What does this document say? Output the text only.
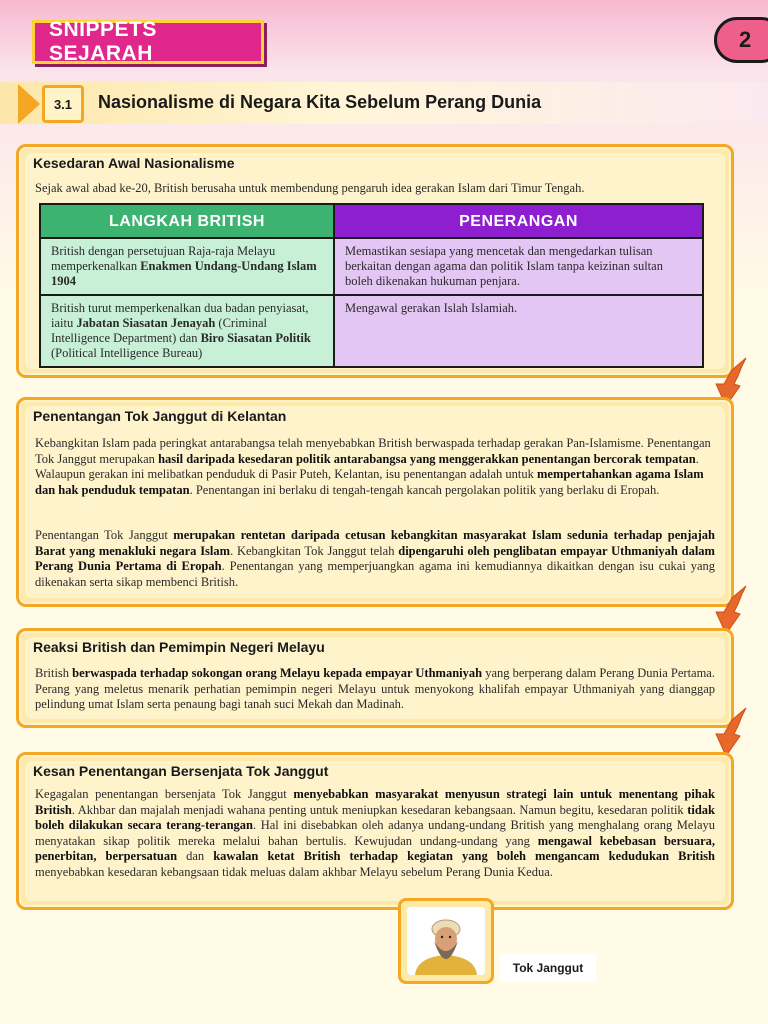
SNIPPETS SEJARAH
2
3.1	Nasionalisme di Negara Kita Sebelum Perang Dunia
Kesedaran Awal Nasionalisme
Sejak awal abad ke-20, British berusaha untuk membendung pengaruh idea gerakan Islam dari Timur Tengah.
LANGKAH BRITISH	PENERANGAN
British dengan persetujuan Raja-raja Melayu memperkenalkan Enakmen Undang-Undang Islam 1904	Memastikan sesiapa yang mencetak dan mengedarkan tulisan berkaitan dengan agama dan politik Islam tanpa keizinan sultan boleh dikenakan hukuman penjara.
British turut memperkenalkan dua badan penyiasat, iaitu Jabatan Siasatan Jenayah (Criminal Intelligence Department) dan Biro Siasatan Politik (Political Intelligence Bureau)	Mengawal gerakan Islah Islamiah.
Penentangan Tok Janggut di Kelantan
Kebangkitan Islam pada peringkat antarabangsa telah menyebabkan British berwaspada terhadap gerakan Pan-Islamisme. Penentangan Tok Janggut merupakan hasil daripada kesedaran politik antarabangsa yang menggerakkan penentangan bercorak tempatan. Walaupun gerakan ini melibatkan penduduk di Pasir Puteh, Kelantan, isu penentangan adalah untuk mempertahankan agama Islam dan hak penduduk tempatan. Penentangan ini berlaku di tengah-tengah kancah pergolakan politik yang berlaku di Eropah.
Penentangan Tok Janggut merupakan rentetan daripada cetusan kebangkitan masyarakat Islam sedunia terhadap penjajah Barat yang menakluki negara Islam. Kebangkitan Tok Janggut telah dipengaruhi oleh penglibatan empayar Uthmaniyah dalam Perang Dunia Pertama di Eropah. Penentangan yang memperjuangkan agama ini kemudiannya dikaitkan dengan isu cukai yang dikenakan serta sikap membenci British.
Reaksi British dan Pemimpin Negeri Melayu
British berwaspada terhadap sokongan orang Melayu kepada empayar Uthmaniyah yang berperang dalam Perang Dunia Pertama. Perang yang meletus menarik perhatian pemimpin negeri Melayu untuk menyokong khalifah empayar Uthmaniyah yang dianggap pelindung umat Islam serta penaung bagi tanah suci Mekah dan Madinah.
Kesan Penentangan Bersenjata Tok Janggut
Kegagalan penentangan bersenjata Tok Janggut menyebabkan masyarakat menyusun strategi lain untuk menentang pihak British. Akhbar dan majalah menjadi wahana penting untuk meniupkan kesedaran kebangsaan. Namun begitu, kesedaran politik tidak boleh dilakukan secara terang-terangan. Hal ini disebabkan oleh adanya undang-undang British yang menghalang orang Melayu menyatakan sikap politik mereka melalui bahan bertulis. Kewujudan undang-undang yang mengawal kebebasan bersuara, penerbitan, berpersatuan dan kawalan ketat British terhadap kegiatan yang boleh mengancam kedudukan British menyebabkan kesedaran kebangsaan tidak meluas dalam akhbar Melayu sebelum Perang Dunia Kedua.
Tok Janggut
